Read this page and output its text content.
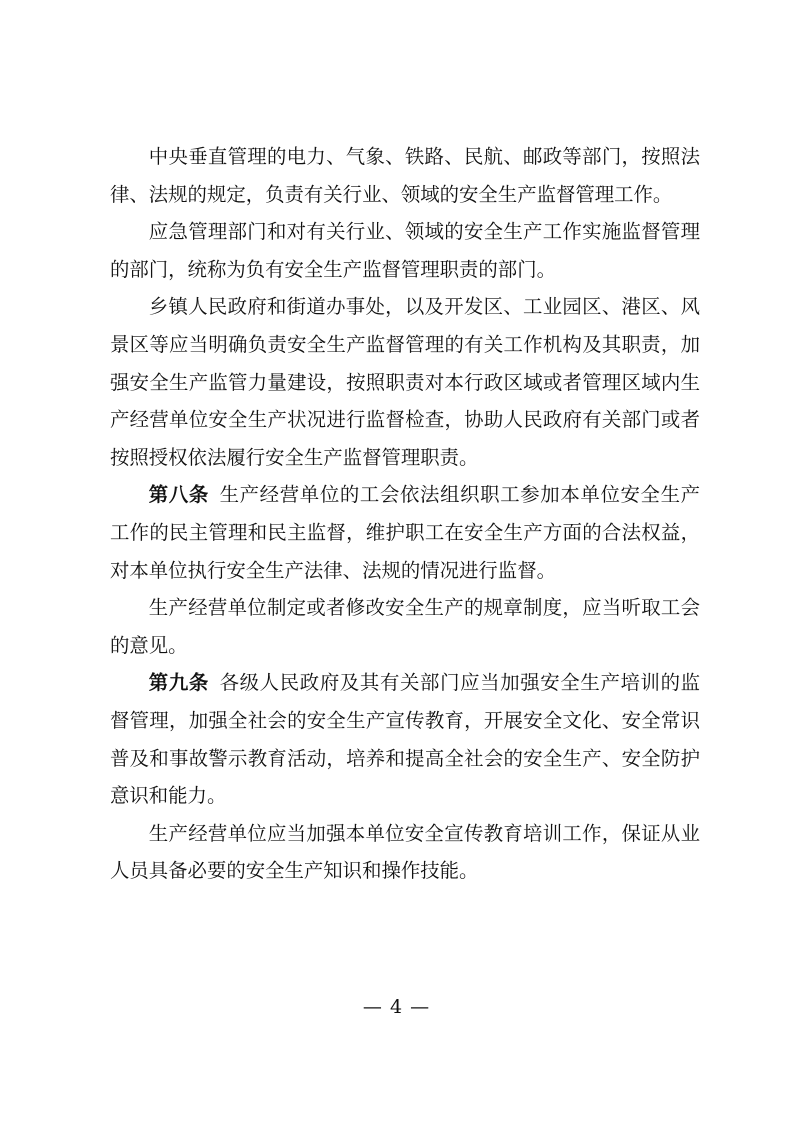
中央垂直管理的电力、气象、铁路、民航、邮政等部门，按照法律、法规的规定，负责有关行业、领域的安全生产监督管理工作。

应急管理部门和对有关行业、领域的安全生产工作实施监督管理的部门，统称为负有安全生产监督管理职责的部门。

乡镇人民政府和街道办事处，以及开发区、工业园区、港区、风景区等应当明确负责安全生产监督管理的有关工作机构及其职责，加强安全生产监管力量建设，按照职责对本行政区域或者管理区域内生产经营单位安全生产状况进行监督检查，协助人民政府有关部门或者按照授权依法履行安全生产监督管理职责。

第八条 生产经营单位的工会依法组织职工参加本单位安全生产工作的民主管理和民主监督，维护职工在安全生产方面的合法权益，对本单位执行安全生产法律、法规的情况进行监督。

生产经营单位制定或者修改安全生产的规章制度，应当听取工会的意见。

第九条 各级人民政府及其有关部门应当加强安全生产培训的监督管理，加强全社会的安全生产宣传教育，开展安全文化、安全常识普及和事故警示教育活动，培养和提高全社会的安全生产、安全防护意识和能力。

生产经营单位应当加强本单位安全宣传教育培训工作，保证从业人员具备必要的安全生产知识和操作技能。

— 4 —
